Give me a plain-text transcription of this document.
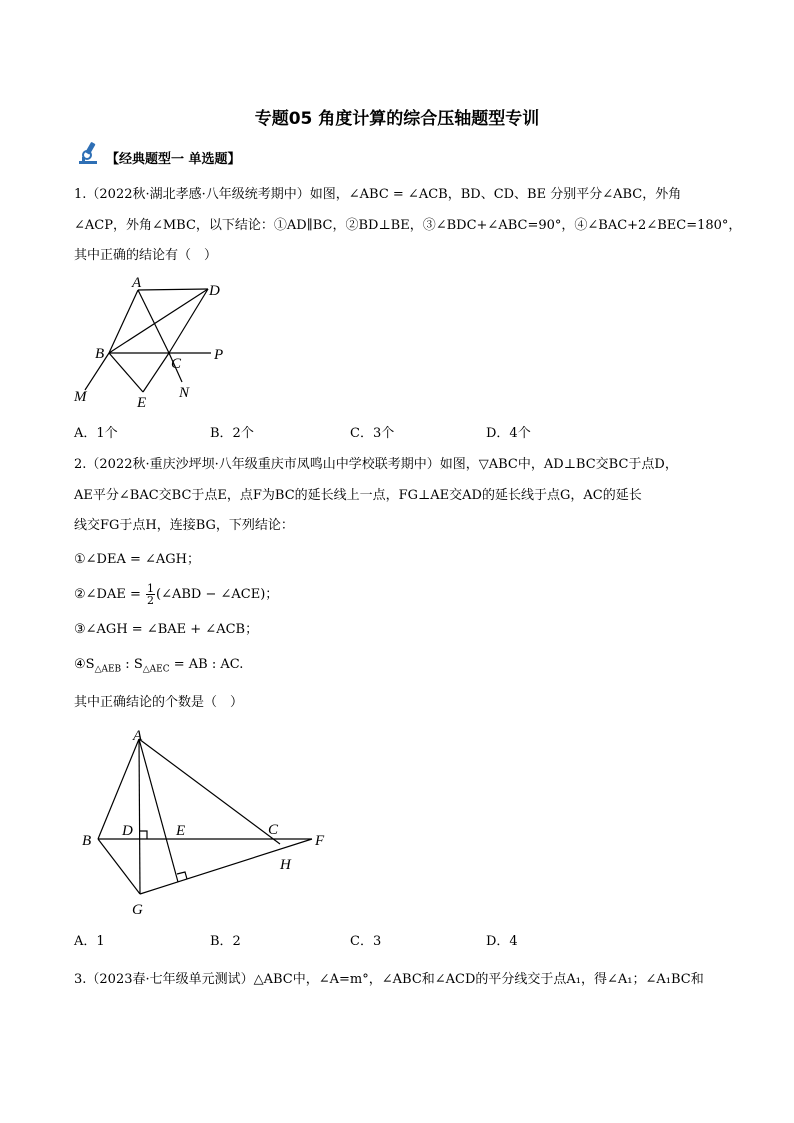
专题05 角度计算的综合压轴题型专训
【经典题型一 单选题】
1.（2022秋·湖北孝感·八年级统考期中）如图，∠ABC = ∠ACB，BD、CD、BE 分别平分∠ABC，外角
∠ACP，外角∠MBC，以下结论：①AD∥BC，②BD⊥BE，③∠BDC+∠ABC=90°，④∠BAC+2∠BEC=180°，
其中正确的结论有（　）
A	D
B
C
P
M	E
N
A．1个	B．2个	C．3个	D．4个
2.（2022秋·重庆沙坪坝·八年级重庆市凤鸣山中学校联考期中）如图，▽ABC中，AD⊥BC交BC于点D，
AE平分∠BAC交BC于点E，点F为BC的延长线上一点，FG⊥AE交AD的延长线于点G，AC的延长
线交FG于点H，连接BG，下列结论：
①∠DEA = ∠AGH；
②∠DAE = $\frac{1}{2}$ (∠ABD − ∠ACE)；
③∠AGH = ∠BAE + ∠ACB；
$④S_{\triangle AEB}$ : $S_{\triangle AEC}$ = AB : AC.
其中正确结论的个数是（　）
A
B
D	E	C
F
H
G
A．1	B．2	C．3	D．4
3.（2023春·七年级单元测试）△ABC中，∠A=m°，∠ABC和∠ACD的平分线交于点A₁，得∠A₁；∠A₁BC和
